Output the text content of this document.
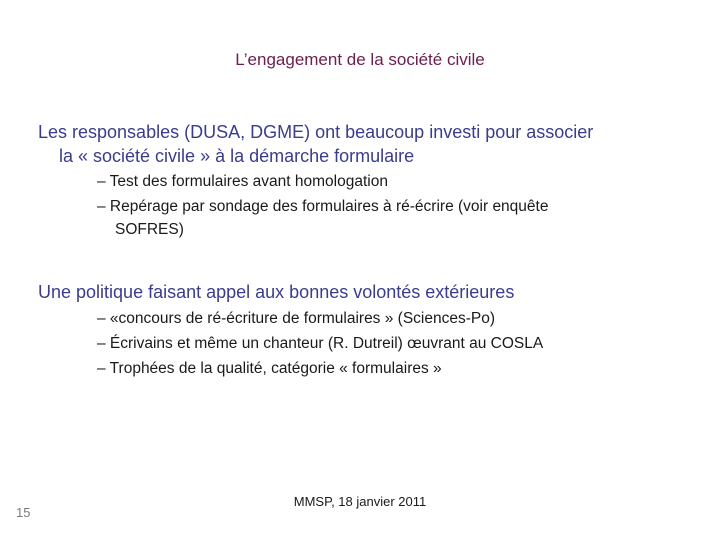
L’engagement de la société civile
Les responsables (DUSA, DGME) ont beaucoup investi pour associer
la « société civile » à la démarche formulaire
– Test des formulaires avant homologation
– Repérage par sondage des formulaires à ré-écrire (voir enquête
SOFRES)
Une politique faisant appel aux bonnes volontés extérieures
– «concours de ré-écriture de formulaires » (Sciences-Po)
– Écrivains et même un chanteur (R. Dutreil) œuvrant au COSLA
– Trophées de la qualité, catégorie « formulaires »
15
MMSP, 18 janvier 2011
